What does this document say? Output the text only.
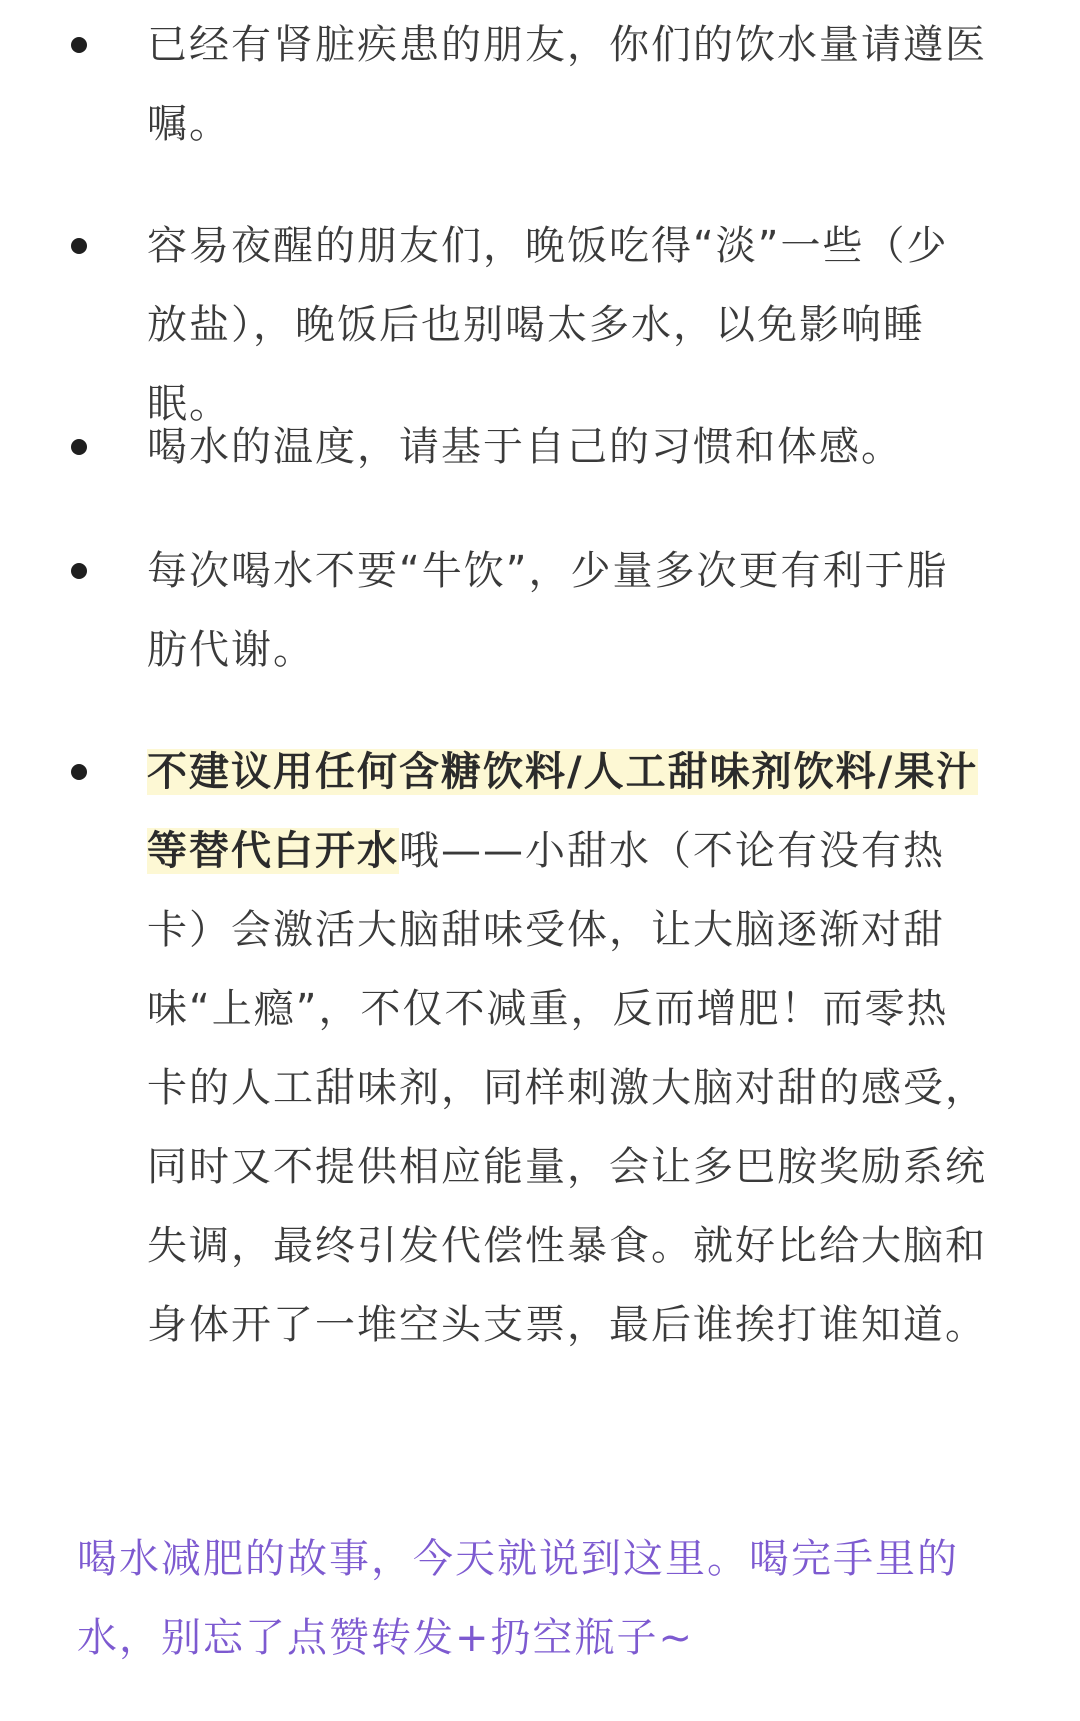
已经有肾脏疾患的朋友，你们的饮水量请遵医嘱。
容易夜醒的朋友们，晚饭吃得“淡”一些（少放盐），晚饭后也别喝太多水，以免影响睡眠。
喝水的温度，请基于自己的习惯和体感。
每次喝水不要“牛饮”，少量多次更有利于脂肪代谢。
不建议用任何含糖饮料/人工甜味剂饮料/果汁等替代白开水哦——小甜水（不论有没有热卡）会激活大脑甜味受体，让大脑逐渐对甜味“上瘾”，不仅不减重，反而增肥！而零热卡的人工甜味剂，同样刺激大脑对甜的感受，同时又不提供相应能量，会让多巴胺奖励系统失调，最终引发代偿性暴食。就好比给大脑和身体开了一堆空头支票，最后谁挨打谁知道。

喝水减肥的故事，今天就说到这里。喝完手里的水，别忘了点赞转发+扔空瓶子~
